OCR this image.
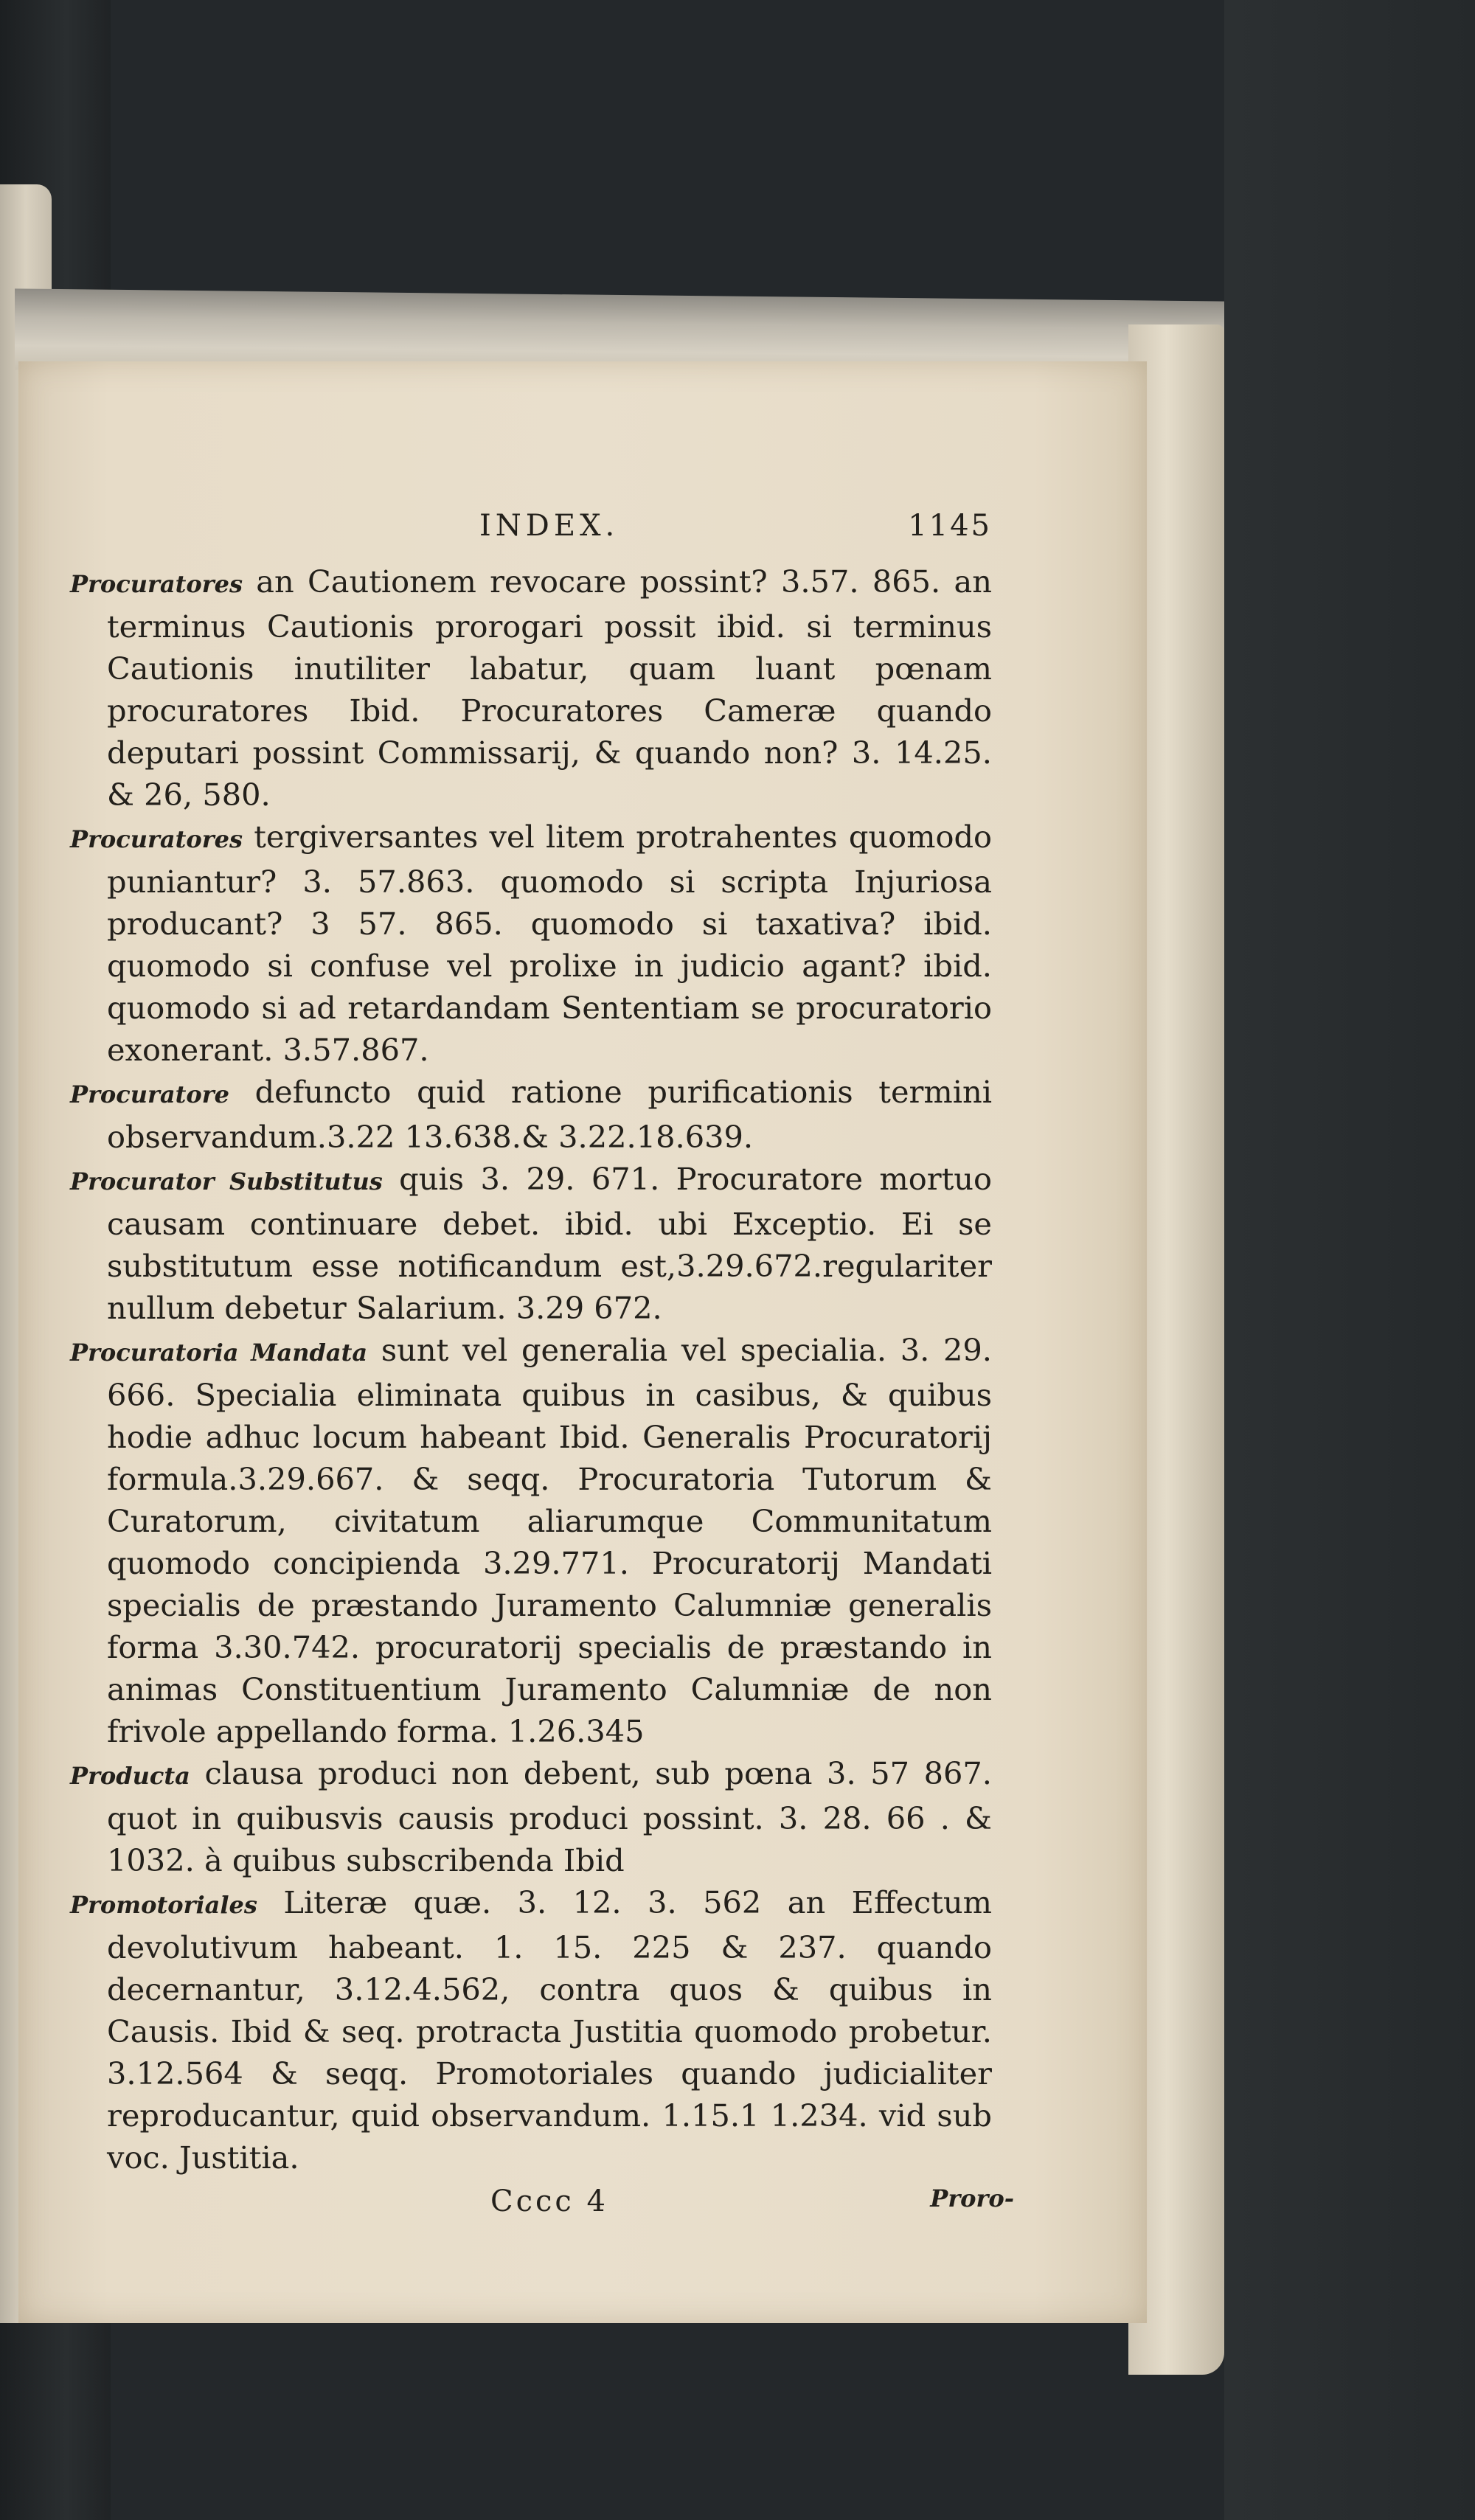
INDEX.	1145

Procuratores an Cautionem revocare possint? 3.57. 865. an terminus Cautionis prorogari possit ibid. si terminus Cautionis inutiliter labatur, quam luant pœnam procuratores Ibid. Procuratores Cameræ quando deputari possint Commissarij, & quando non? 3. 14.25. & 26, 580.

Procuratores tergiversantes vel litem protrahentes quomodo puniantur? 3. 57.863. quomodo si scripta Injuriosa producant? 3 57. 865. quomodo si taxativa? ibid. quomodo si confuse vel prolixe in judicio agant? ibid. quomodo si ad retardandam Sententiam se procuratorio exonerant. 3.57.867.

Procuratore defuncto quid ratione purificationis termini observandum.3.22 13.638.& 3.22.18.639.

Procurator Substitutus quis 3. 29. 671. Procuratore mortuo causam continuare debet. ibid. ubi Exceptio. Ei se substitutum esse notificandum est,3.29.672.regulariter nullum debetur Salarium. 3.29 672.

Procuratoria Mandata sunt vel generalia vel specialia. 3. 29. 666. Specialia eliminata quibus in casibus, & quibus hodie adhuc locum habeant Ibid. Generalis Procuratorij formula.3.29.667. & seqq. Procuratoria Tutorum & Curatorum, civitatum aliarumque Communitatum quomodo concipienda 3.29.771. Procuratorij Mandati specialis de præstando Juramento Calumniæ generalis forma 3.30.742. procuratorij specialis de præstando in animas Constituentium Juramento Calumniæ de non frivole appellando forma. 1.26.345

Producta clausa produci non debent, sub pœna 3. 57 867. quot in quibusvis causis produci possint. 3. 28. 66 . & 1032. à quibus subscribenda Ibid

Promotoriales Literæ quæ. 3. 12. 3. 562 an Effectum devolutivum habeant. 1. 15. 225 & 237. quando decernantur, 3.12.4.562, contra quos & quibus in Causis. Ibid & seq. protracta Justitia quomodo probetur. 3.12.564 & seqq. Promotoriales quando judicialiter reproducantur, quid observandum. 1.15.1 1.234. vid sub voc. Justitia.

Cccc 4	Proro-
